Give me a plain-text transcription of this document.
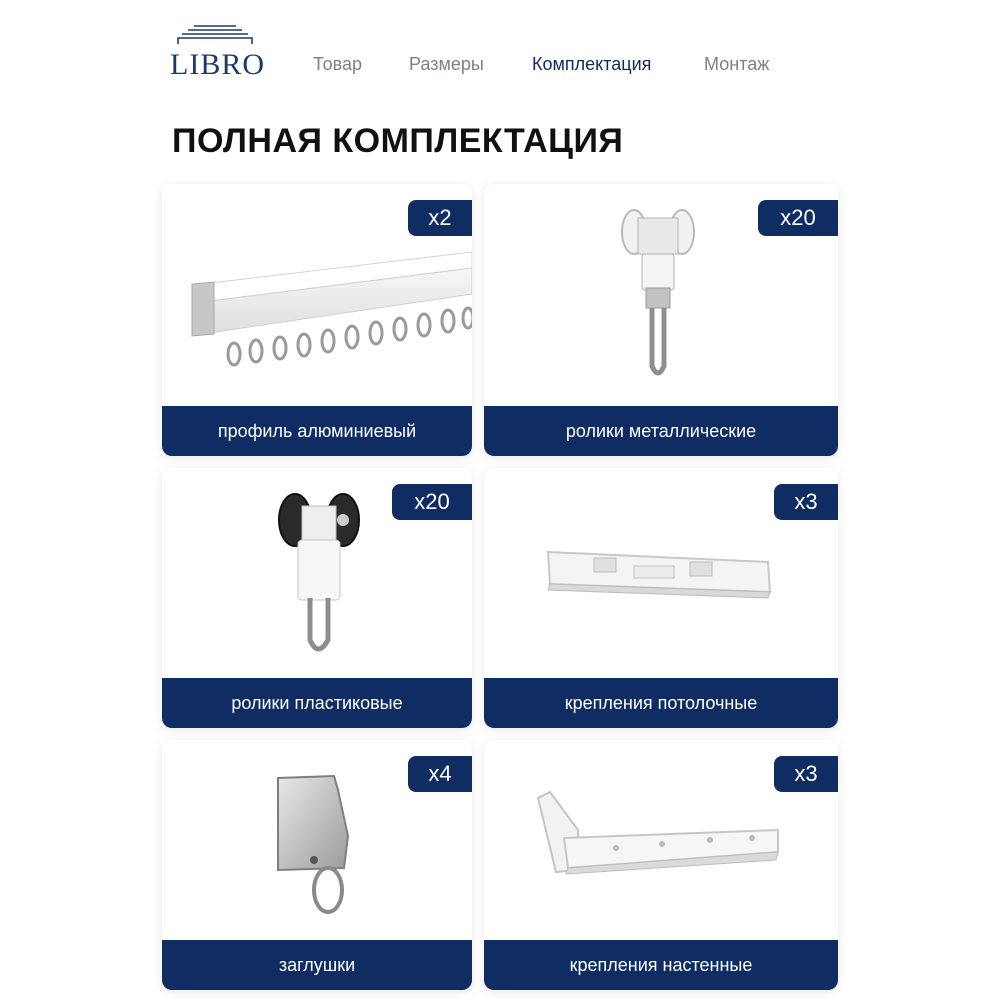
LIBRO	Товар	Размеры	Комплектация	Монтаж
ПОЛНАЯ КОМПЛЕКТАЦИЯ
x2
профиль алюминиевый
x20
ролики металлические
x20
ролики пластиковые
x3
крепления потолочные
x4
заглушки
x3
крепления настенные
